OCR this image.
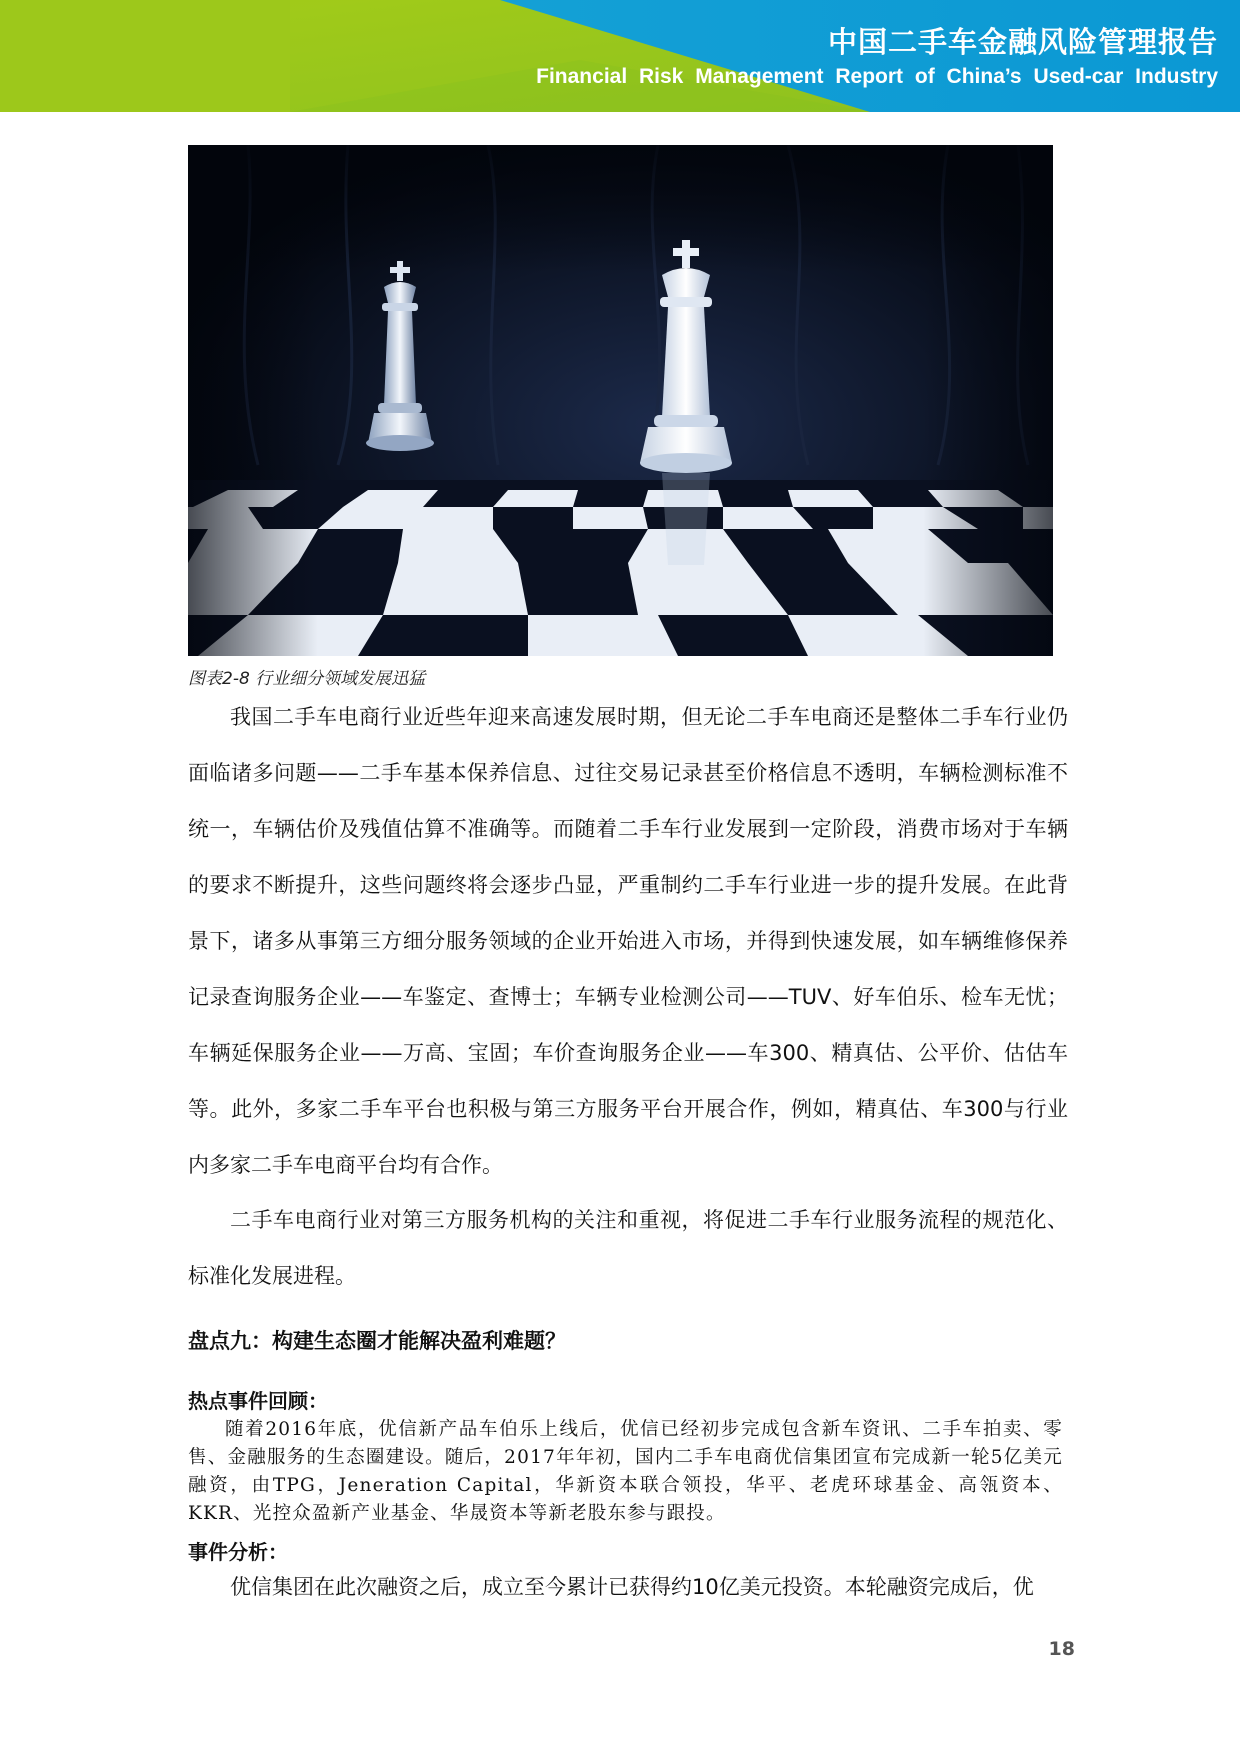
中国二手车金融风险管理报告
Financial Risk Management Report of China’s Used-car Industry
图表2-8 行业细分领域发展迅猛

我国二手车电商行业近些年迎来高速发展时期，但无论二手车电商还是整体二手车行业仍面临诸多问题——二手车基本保养信息、过往交易记录甚至价格信息不透明，车辆检测标准不统一，车辆估价及残值估算不准确等。而随着二手车行业发展到一定阶段，消费市场对于车辆的要求不断提升，这些问题终将会逐步凸显，严重制约二手车行业进一步的提升发展。在此背景下，诸多从事第三方细分服务领域的企业开始进入市场，并得到快速发展，如车辆维修保养记录查询服务企业——车鉴定、查博士；车辆专业检测公司——TUV、好车伯乐、检车无忧；车辆延保服务企业——万高、宝固；车价查询服务企业——车300、精真估、公平价、估估车等。此外，多家二手车平台也积极与第三方服务平台开展合作，例如，精真估、车300与行业内多家二手车电商平台均有合作。

二手车电商行业对第三方服务机构的关注和重视，将促进二手车行业服务流程的规范化、标准化发展进程。

盘点九：构建生态圈才能解决盈利难题？
热点事件回顾：

随着2016年底，优信新产品车伯乐上线后，优信已经初步完成包含新车资讯、二手车拍卖、零售、金融服务的生态圈建设。随后，2017年年初，国内二手车电商优信集团宣布完成新一轮5亿美元融资，由TPG，Jeneration Capital，华新资本联合领投，华平、老虎环球基金、高瓴资本、KKR、光控众盈新产业基金、华晟资本等新老股东参与跟投。

事件分析：

优信集团在此次融资之后，成立至今累计已获得约10亿美元投资。本轮融资完成后，优

18
